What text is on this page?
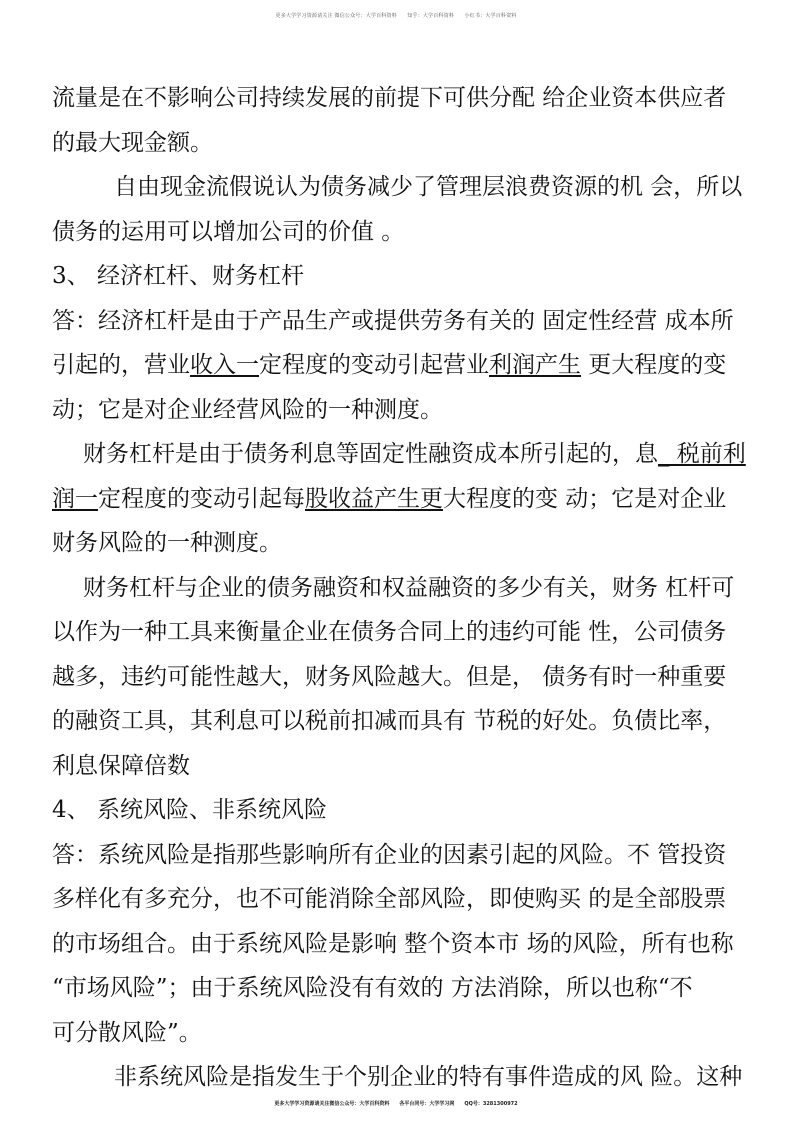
更多大学学习资源请关注 微信公众号：大学百科资料　　知乎：大学百科资料　　小红书：大学百科资料

流量是在不影响公司持续发展的前提下可供分配 给企业资本供应者

的最大现金额。

自由现金流假说认为债务减少了管理层浪费资源的机 会，所以

债务的运用可以增加公司的价值 。

3、 经济杠杆、财务杠杆

答：经济杠杆是由于产品生产或提供劳务有关的 固定性经营 成本所

引起的，营业收入一定程度的变动引起营业利润产生 更大程度的变

动；它是对企业经营风险的一种测度。

财务杠杆是由于债务利息等固定性融资成本所引起的，息_ 税前利

润一定程度的变动引起每股收益产生更大程度的变 动；它是对企业

财务风险的一种测度。

财务杠杆与企业的债务融资和权益融资的多少有关，财务 杠杆可

以作为一种工具来衡量企业在债务合同上的违约可能 性，公司债务

越多，违约可能性越大，财务风险越大。但是， 债务有时一种重要

的融资工具，其利息可以税前扣减而具有 节税的好处。负债比率，

利息保障倍数

4、 系统风险、非系统风险

答：系统风险是指那些影响所有企业的因素引起的风险。不 管投资

多样化有多充分，也不可能消除全部风险，即使购买 的是全部股票

的市场组合。由于系统风险是影响 整个资本市 场的风险，所有也称

“市场风险”；由于系统风险没有有效的 方法消除，所以也称“不

可分散风险”。

非系统风险是指发生于个别企业的特有事件造成的风 险。这种

更多大学学习资源请关注微信公众号：大学百科资料　　各平台同号：大学学习网　　QQ号：3281300972
